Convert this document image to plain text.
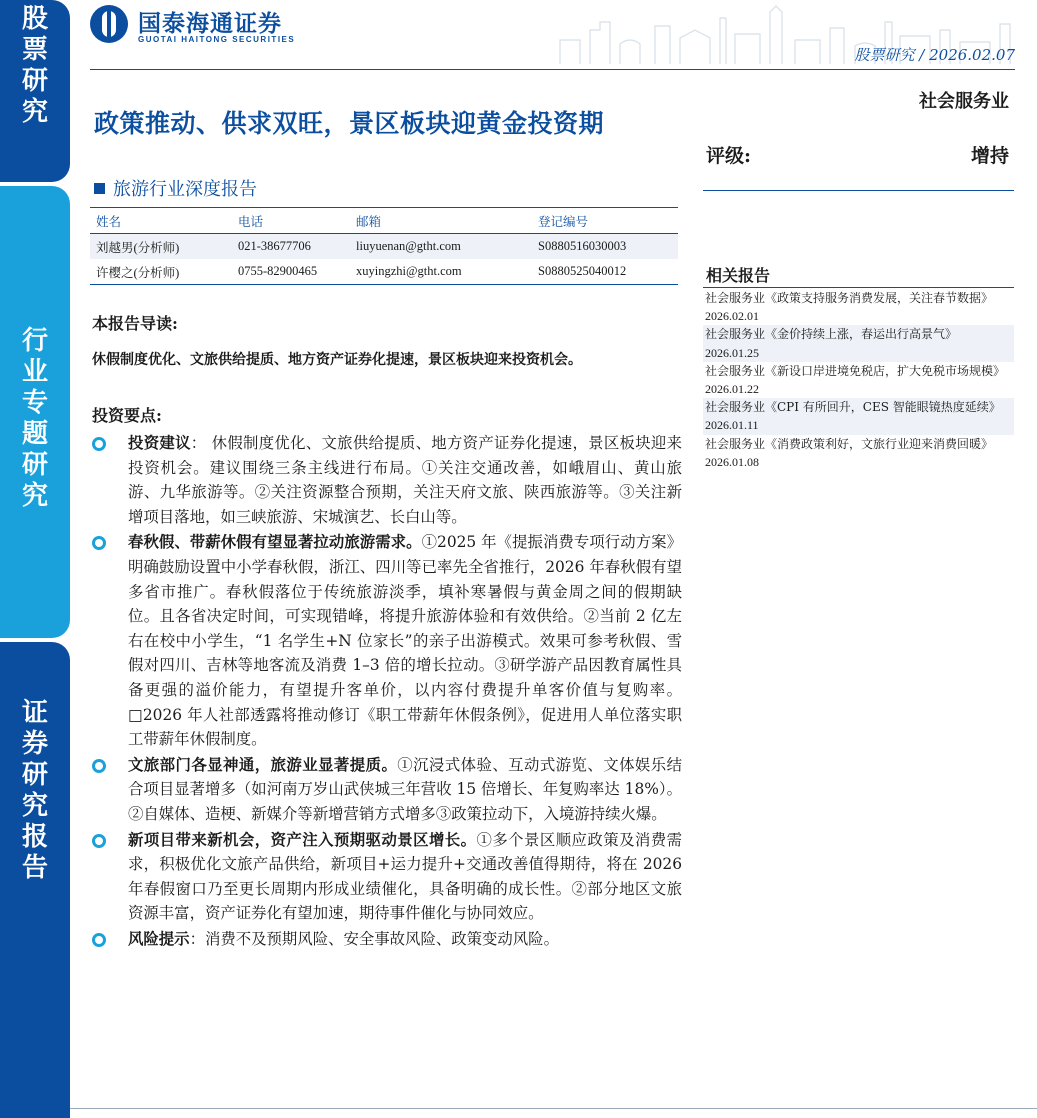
股
票
研
究
行
业
专
题
研
究
证
券
研
究
报
告
国泰海通证券
GUOTAI HAITONG SECURITIES
股票研究 / 2026.02.07
社会服务业
评级:	增持
政策推动、供求双旺，景区板块迎黄金投资期
旅游行业深度报告
姓名	电话	邮箱	登记编号
刘越男(分析师)	021-38677706	liuyuenan@gtht.com	S0880516030003
许樱之(分析师)	0755-82900465	xuyingzhi@gtht.com	S0880525040012
本报告导读:
休假制度优化、文旅供给提质、地方资产证券化提速，景区板块迎来投资机会。
投资要点:
投资建议： 休假制度优化、文旅供给提质、地方资产证券化提速，景区板块迎来投资机会。建议围绕三条主线进行布局。①关注交通改善，如峨眉山、黄山旅游、九华旅游等。②关注资源整合预期，关注天府文旅、陕西旅游等。③关注新增项目落地，如三峡旅游、宋城演艺、长白山等。
春秋假、带薪休假有望显著拉动旅游需求。①2025 年《提振消费专项行动方案》明确鼓励设置中小学春秋假，浙江、四川等已率先全省推行，2026 年春秋假有望多省市推广。春秋假落位于传统旅游淡季，填补寒暑假与黄金周之间的假期缺位。且各省决定时间，可实现错峰，将提升旅游体验和有效供给。②当前 2 亿左右在校中小学生，“1 名学生+N 位家长”的亲子出游模式。效果可参考秋假、雪假对四川、吉林等地客流及消费 1–3 倍的增长拉动。③研学游产品因教育属性具备更强的溢价能力，有望提升客单价，以内容付费提升单客价值与复购率。□2026 年人社部透露将推动修订《职工带薪年休假条例》，促进用人单位落实职工带薪年休假制度。
文旅部门各显神通，旅游业显著提质。①沉浸式体验、互动式游览、文体娱乐结合项目显著增多（如河南万岁山武侠城三年营收 15 倍增长、年复购率达 18%）。②自媒体、造梗、新媒介等新增营销方式增多③政策拉动下，入境游持续火爆。
新项目带来新机会，资产注入预期驱动景区增长。①多个景区顺应政策及消费需求，积极优化文旅产品供给，新项目+运力提升+交通改善值得期待，将在 2026 年春假窗口乃至更长周期内形成业绩催化，具备明确的成长性。②部分地区文旅资源丰富，资产证券化有望加速，期待事件催化与协同效应。
风险提示：消费不及预期风险、安全事故风险、政策变动风险。
相关报告
社会服务业《政策支持服务消费发展，关注春节数据》 2026.02.01
社会服务业《金价持续上涨，春运出行高景气》 2026.01.25
社会服务业《新设口岸进境免税店，扩大免税市场规模》 2026.01.22
社会服务业《CPI 有所回升，CES 智能眼镜热度延续》 2026.01.11
社会服务业《消费政策利好，文旅行业迎来消费回暖》 2026.01.08
